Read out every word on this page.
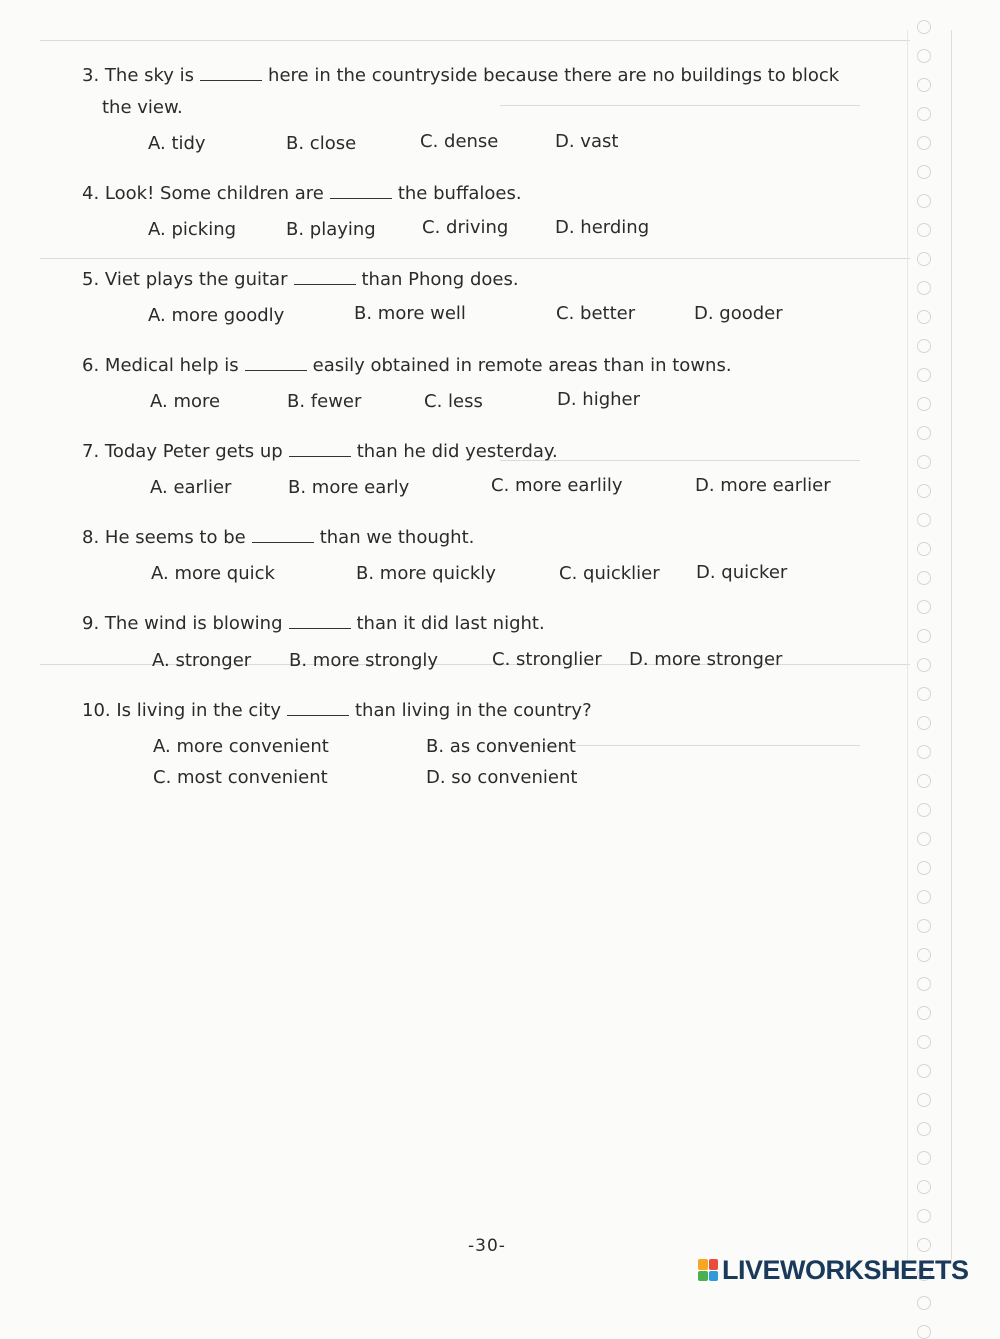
3. The sky is	here in the countryside because there are no buildings to block
the view.
A. tidy	B. close	C. dense	D. vast
4. Look! Some children are	the buffaloes.
A. picking	B. playing	C. driving	D. herding
5. Viet plays the guitar	than Phong does.
A. more goodly	B. more well	C. better	D. gooder
6. Medical help is	easily obtained in remote areas than in towns.
A. more	B. fewer	C. less	D. higher
7. Today Peter gets up	than he did yesterday.
A. earlier	B. more early	C. more earlily	D. more earlier
8. He seems to be	than we thought.
A. more quick	B. more quickly	C. quicklier D. quicker
9. The wind is blowing	than it did last night.
A. stronger B. more strongly	C. stronglier D. more stronger
10. Is living in the city	than living in the country?
A. more convenient	B. as convenient
C. most convenient	D. so convenient
-30-
LIVEWORKSHEETS
